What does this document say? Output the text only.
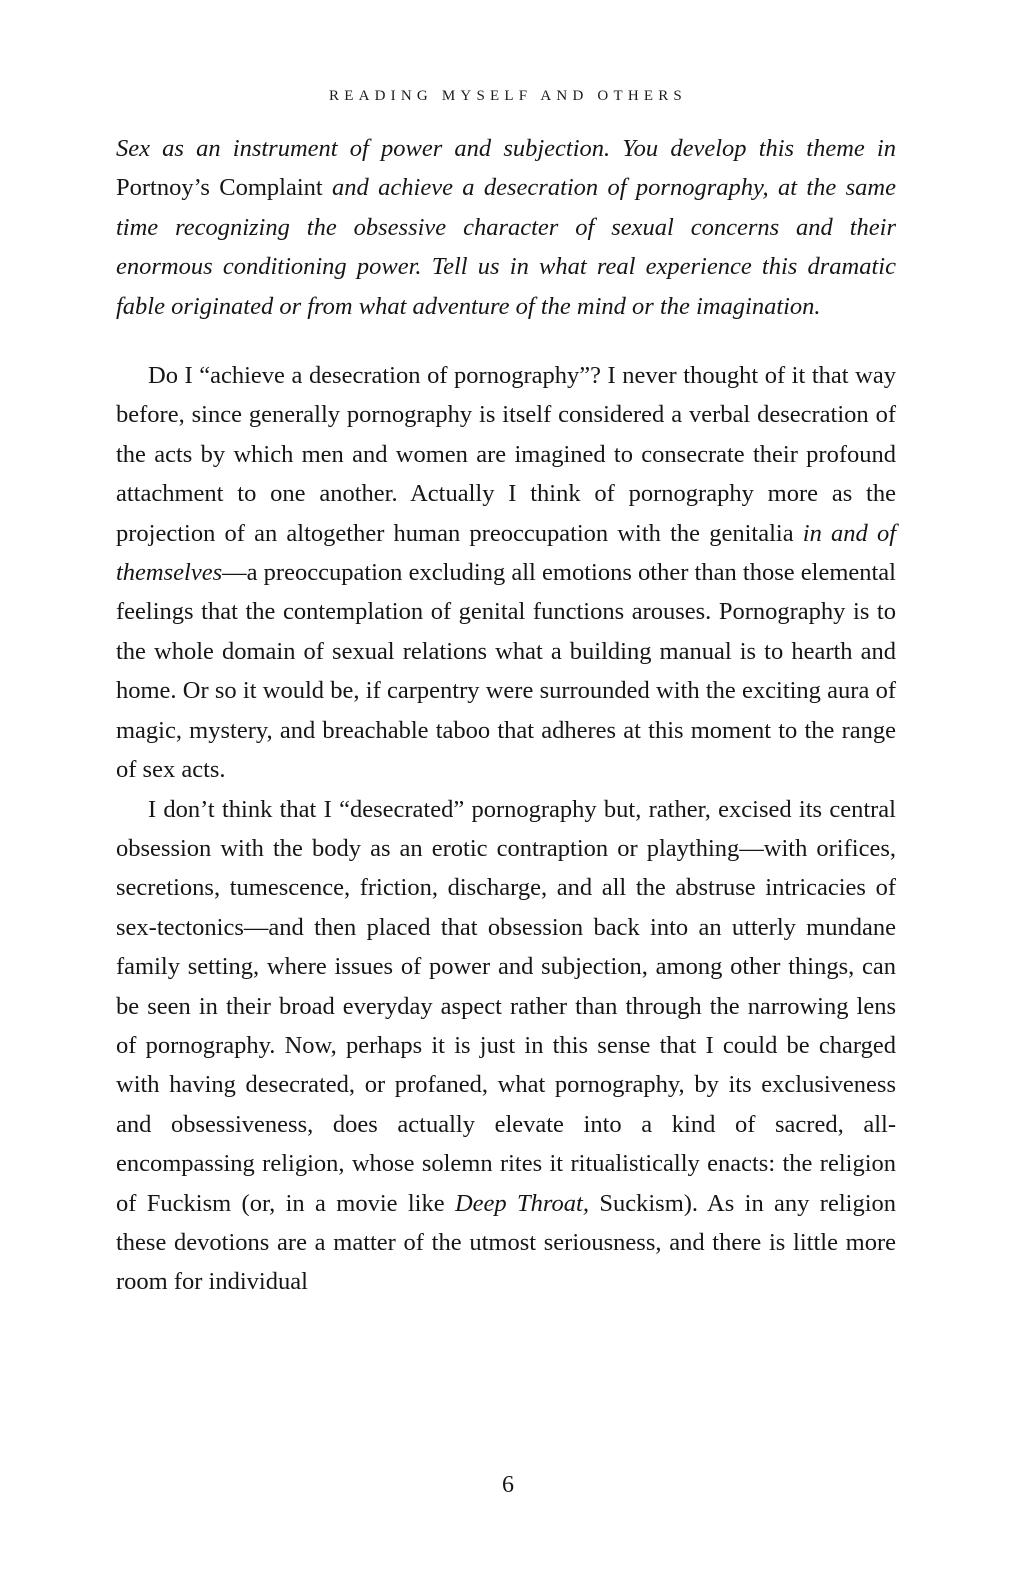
READING MYSELF AND OTHERS

Sex as an instrument of power and subjection. You develop this theme in Portnoy’s Complaint and achieve a desecration of pornography, at the same time recognizing the obsessive character of sexual concerns and their enormous conditioning power. Tell us in what real experience this dramatic fable originated or from what adventure of the mind or the imagination.

Do I “achieve a desecration of pornography”? I never thought of it that way before, since generally pornography is itself considered a verbal desecration of the acts by which men and women are imagined to consecrate their profound attachment to one another. Actually I think of pornography more as the projection of an altogether human preoccupation with the genitalia in and of themselves—a preoccupation excluding all emotions other than those elemental feelings that the contemplation of genital functions arouses. Pornography is to the whole domain of sexual relations what a building manual is to hearth and home. Or so it would be, if carpentry were surrounded with the exciting aura of magic, mystery, and breachable taboo that adheres at this moment to the range of sex acts.

I don’t think that I “desecrated” pornography but, rather, excised its central obsession with the body as an erotic contraption or plaything—with orifices, secretions, tumescence, friction, discharge, and all the abstruse intricacies of sex-tectonics—and then placed that obsession back into an utterly mundane family setting, where issues of power and subjection, among other things, can be seen in their broad everyday aspect rather than through the narrowing lens of pornography. Now, perhaps it is just in this sense that I could be charged with having desecrated, or profaned, what pornography, by its exclusiveness and obsessiveness, does actually elevate into a kind of sacred, all-encompassing religion, whose solemn rites it ritualistically enacts: the religion of Fuckism (or, in a movie like Deep Throat, Suckism). As in any religion these devotions are a matter of the utmost seriousness, and there is little more room for individual

6
